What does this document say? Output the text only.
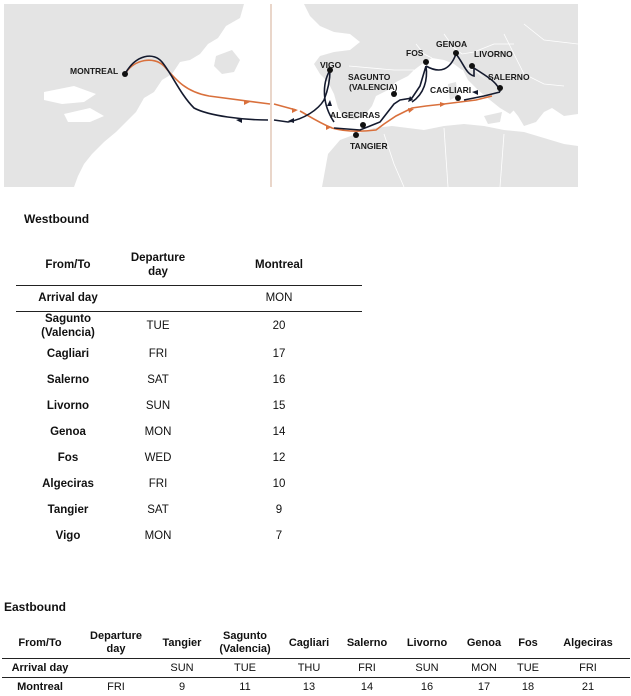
MONTREAL
VIGO
FOS
GENOA
LIVORNO
SAGUNTO
(VALENCIA)
SALERNO
CAGLIARI
ALGECIRAS
TANGIER
Westbound
From/To	Departure day	Montreal
Arrival day		MON

Sagunto (Valencia)	TUE	20
Cagliari	FRI	17
Salerno	SAT	16
Livorno	SUN	15
Genoa	MON	14
Fos	WED	12
Algeciras	FRI	10
Tangier	SAT	9
Vigo	MON	7
Eastbound
From/To	Departure day	Tangier	Sagunto (Valencia)	Cagliari	Salerno	Livorno	Genoa	Fos	Algeciras
Arrival day		SUN	TUE	THU	FRI	SUN	MON	TUE	FRI
Montreal	FRI	9	11	13	14	16	17	18	21
